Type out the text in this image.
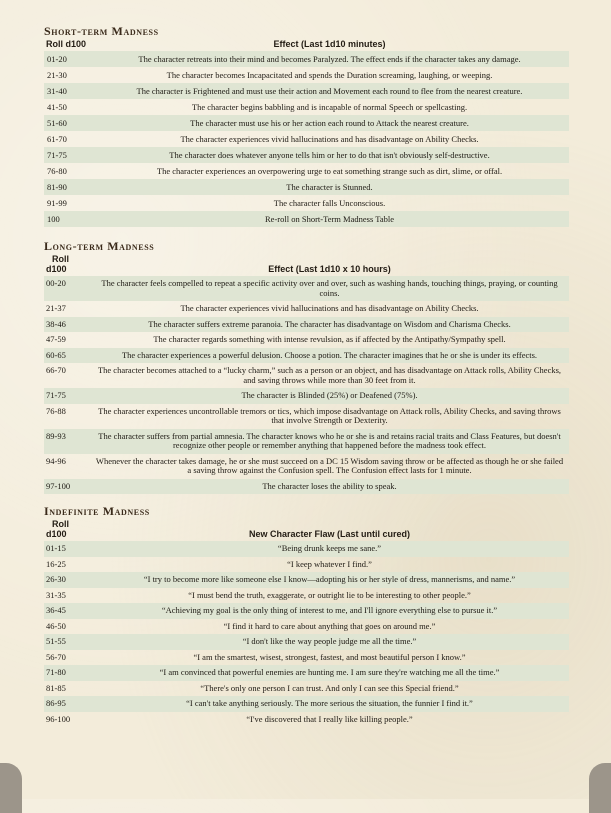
Short-term Madness
Roll d100	Effect (Last 1d10 minutes)
01-20	The character retreats into their mind and becomes Paralyzed. The effect ends if the character takes any damage.
21-30	The character becomes Incapacitated and spends the Duration screaming, laughing, or weeping.
31-40	The character is Frightened and must use their action and Movement each round to flee from the nearest creature.
41-50	The character begins babbling and is incapable of normal Speech or spellcasting.
51-60	The character must use his or her action each round to Attack the nearest creature.
61-70	The character experiences vivid hallucinations and has disadvantage on Ability Checks.
71-75	The character does whatever anyone tells him or her to do that isn't obviously self-destructive.
76-80	The character experiences an overpowering urge to eat something strange such as dirt, slime, or offal.
81-90	The character is Stunned.
91-99	The character falls Unconscious.
100	Re-roll on Short-Term Madness Table
Long-term Madness
Roll
d100	Effect (Last 1d10 x 10 hours)
00-20	The character feels compelled to repeat a specific activity over and over, such as washing hands, touching things, praying, or counting coins.
21-37	The character experiences vivid hallucinations and has disadvantage on Ability Checks.
38-46	The character suffers extreme paranoia. The character has disadvantage on Wisdom and Charisma Checks.
47-59	The character regards something with intense revulsion, as if affected by the Antipathy/Sympathy spell.
60-65	The character experiences a powerful delusion. Choose a potion. The character imagines that he or she is under its effects.
66-70	The character becomes attached to a “lucky charm,” such as a person or an object, and has disadvantage on Attack rolls, Ability Checks, and saving throws while more than 30 feet from it.
71-75	The character is Blinded (25%) or Deafened (75%).
76-88	The character experiences uncontrollable tremors or tics, which impose disadvantage on Attack rolls, Ability Checks, and saving throws that involve Strength or Dexterity.
89-93	The character suffers from partial amnesia. The character knows who he or she is and retains racial traits and Class Features, but doesn't recognize other people or remember anything that happened before the madness took effect.
94-96	Whenever the character takes damage, he or she must succeed on a DC 15 Wisdom saving throw or be affected as though he or she failed a saving throw against the Confusion spell. The Confusion effect lasts for 1 minute.
97-100	The character loses the ability to speak.
Indefinite Madness
Roll
d100	New Character Flaw (Last until cured)
01-15	“Being drunk keeps me sane.”
16-25	“I keep whatever I find.”
26-30	“I try to become more like someone else I know—adopting his or her style of dress, mannerisms, and name.”
31-35	“I must bend the truth, exaggerate, or outright lie to be interesting to other people.”
36-45	“Achieving my goal is the only thing of interest to me, and I'll ignore everything else to pursue it.”
46-50	“I find it hard to care about anything that goes on around me.”
51-55	“I don't like the way people judge me all the time.”
56-70	“I am the smartest, wisest, strongest, fastest, and most beautiful person I know.”
71-80	“I am convinced that powerful enemies are hunting me. I am sure they're watching me all the time.”
81-85	“There's only one person I can trust. And only I can see this Special friend.”
86-95	“I can't take anything seriously. The more serious the situation, the funnier I find it.”
96-100	“I've discovered that I really like killing people.”
